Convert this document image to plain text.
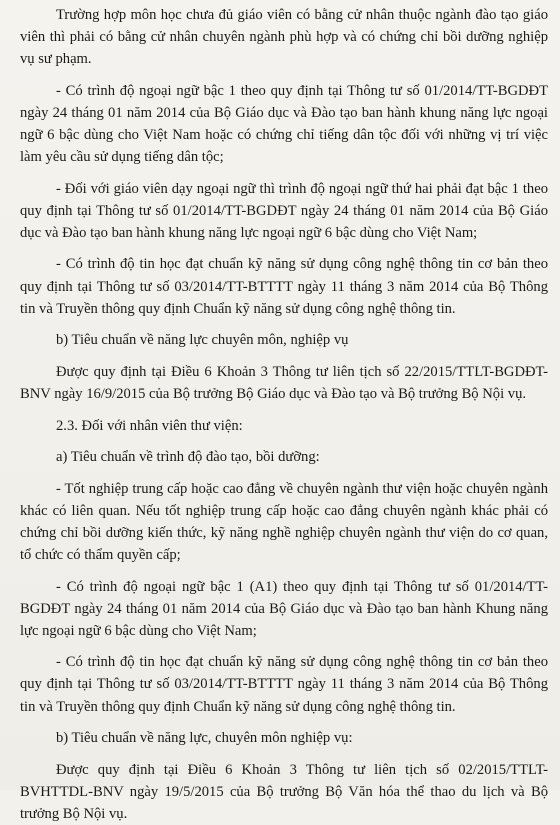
Trường hợp môn học chưa đủ giáo viên có bằng cử nhân thuộc ngành đào tạo giáo viên thì phải có bằng cử nhân chuyên ngành phù hợp và có chứng chỉ bồi dưỡng nghiệp vụ sư phạm.

- Có trình độ ngoại ngữ bậc 1 theo quy định tại Thông tư số 01/2014/TT-BGDĐT ngày 24 tháng 01 năm 2014 của Bộ Giáo dục và Đào tạo ban hành khung năng lực ngoại ngữ 6 bậc dùng cho Việt Nam hoặc có chứng chỉ tiếng dân tộc đối với những vị trí việc làm yêu cầu sử dụng tiếng dân tộc;

- Đối với giáo viên dạy ngoại ngữ thì trình độ ngoại ngữ thứ hai phải đạt bậc 1 theo quy định tại Thông tư số 01/2014/TT-BGDĐT ngày 24 tháng 01 năm 2014 của Bộ Giáo dục và Đào tạo ban hành khung năng lực ngoại ngữ 6 bậc dùng cho Việt Nam;

- Có trình độ tin học đạt chuẩn kỹ năng sử dụng công nghệ thông tin cơ bản theo quy định tại Thông tư số 03/2014/TT-BTTTT ngày 11 tháng 3 năm 2014 của Bộ Thông tin và Truyền thông quy định Chuẩn kỹ năng sử dụng công nghệ thông tin.

b) Tiêu chuẩn về năng lực chuyên môn, nghiệp vụ

Được quy định tại Điều 6 Khoản 3 Thông tư liên tịch số 22/2015/TTLT-BGDĐT-BNV ngày 16/9/2015 của Bộ trưởng Bộ Giáo dục và Đào tạo và Bộ trưởng Bộ Nội vụ.

2.3. Đối với nhân viên thư viện:

a) Tiêu chuẩn về trình độ đào tạo, bồi dưỡng:

- Tốt nghiệp trung cấp hoặc cao đẳng về chuyên ngành thư viện hoặc chuyên ngành khác có liên quan. Nếu tốt nghiệp trung cấp hoặc cao đẳng chuyên ngành khác phải có chứng chỉ bồi dưỡng kiến thức, kỹ năng nghề nghiệp chuyên ngành thư viện do cơ quan, tổ chức có thẩm quyền cấp;

- Có trình độ ngoại ngữ bậc 1 (A1) theo quy định tại Thông tư số 01/2014/TT-BGDĐT ngày 24 tháng 01 năm 2014 của Bộ Giáo dục và Đào tạo ban hành Khung năng lực ngoại ngữ 6 bậc dùng cho Việt Nam;

- Có trình độ tin học đạt chuẩn kỹ năng sử dụng công nghệ thông tin cơ bản theo quy định tại Thông tư số 03/2014/TT-BTTTT ngày 11 tháng 3 năm 2014 của Bộ Thông tin và Truyền thông quy định Chuẩn kỹ năng sử dụng công nghệ thông tin.

b) Tiêu chuẩn về năng lực, chuyên môn nghiệp vụ:

Được quy định tại Điều 6 Khoản 3 Thông tư liên tịch số 02/2015/TTLT-BVHTTDL-BNV ngày 19/5/2015 của Bộ trưởng Bộ Văn hóa thể thao du lịch và Bộ trưởng Bộ Nội vụ.
